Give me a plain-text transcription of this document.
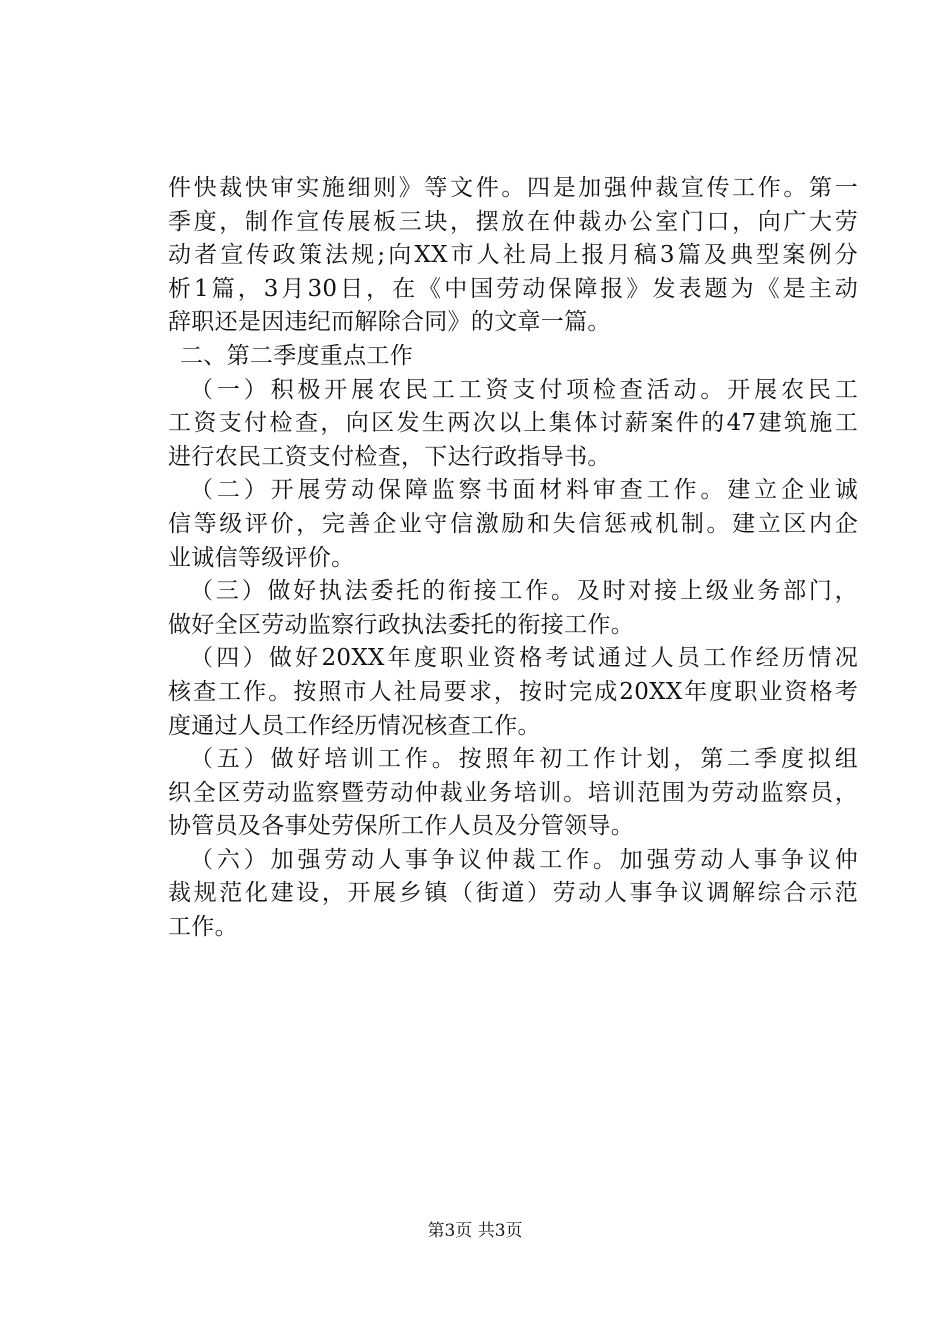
件快裁快审实施细则》等文件。四是加强仲裁宣传工作。第一
季度，制作宣传展板三块，摆放在仲裁办公室门口，向广大劳
动者宣传政策法规;向XX市人社局上报月稿3篇及典型案例分
析1篇，3月30日，在《中国劳动保障报》发表题为《是主动
辞职还是因违纪而解除合同》的文章一篇。
二、第二季度重点工作
（一）积极开展农民工工资支付项检查活动。开展农民工
工资支付检查，向区发生两次以上集体讨薪案件的47建筑施工
进行农民工资支付检查，下达行政指导书。
（二）开展劳动保障监察书面材料审查工作。建立企业诚
信等级评价，完善企业守信激励和失信惩戒机制。建立区内企
业诚信等级评价。
（三）做好执法委托的衔接工作。及时对接上级业务部门，
做好全区劳动监察行政执法委托的衔接工作。
（四）做好20XX年度职业资格考试通过人员工作经历情况
核查工作。按照市人社局要求，按时完成20XX年度职业资格考
度通过人员工作经历情况核查工作。
（五）做好培训工作。按照年初工作计划，第二季度拟组
织全区劳动监察暨劳动仲裁业务培训。培训范围为劳动监察员，
协管员及各事处劳保所工作人员及分管领导。
（六）加强劳动人事争议仲裁工作。加强劳动人事争议仲
裁规范化建设，开展乡镇（街道）劳动人事争议调解综合示范
工作。
第3页 共3页
